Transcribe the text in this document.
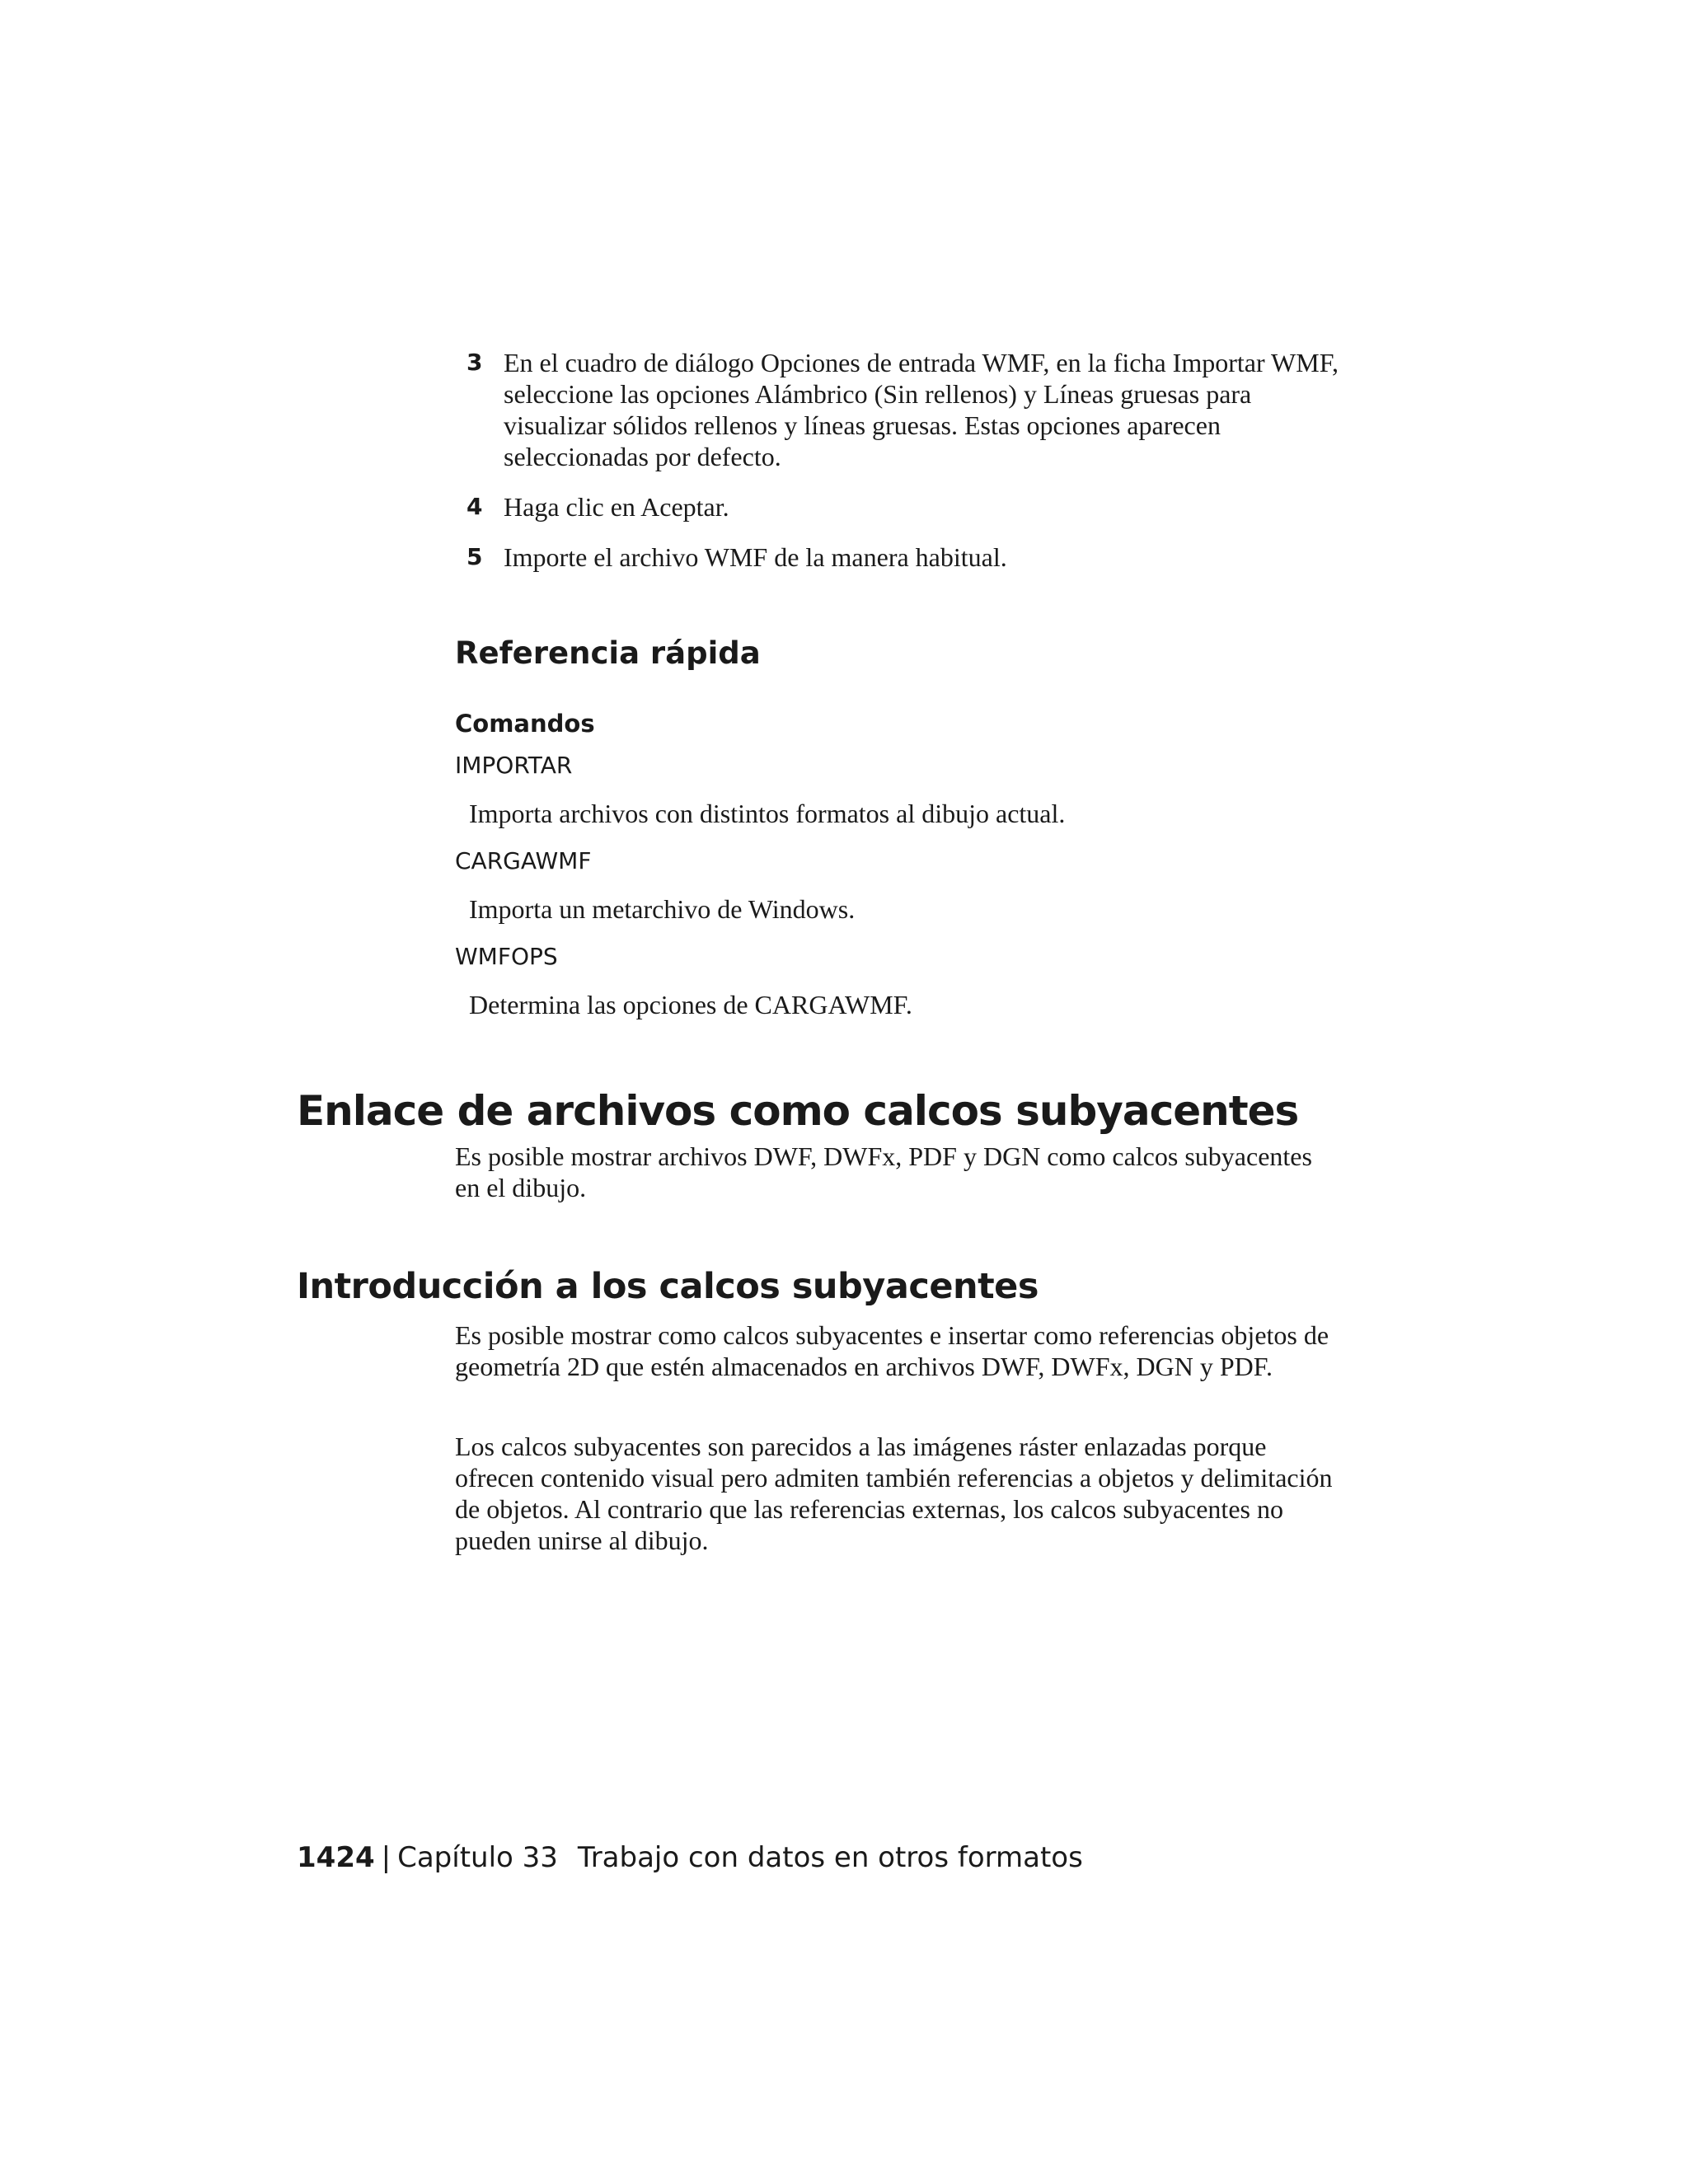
3 En el cuadro de diálogo Opciones de entrada WMF, en la ficha Importar WMF, seleccione las opciones Alámbrico (Sin rellenos) y Líneas gruesas para visualizar sólidos rellenos y líneas gruesas. Estas opciones aparecen seleccionadas por defecto.
4 Haga clic en Aceptar.
5 Importe el archivo WMF de la manera habitual.
Referencia rápida
Comandos

IMPORTAR

Importa archivos con distintos formatos al dibujo actual.

CARGAWMF

Importa un metarchivo de Windows.

WMFOPS

Determina las opciones de CARGAWMF.

Enlace de archivos como calcos subyacentes

Es posible mostrar archivos DWF, DWFx, PDF y DGN como calcos subyacentes en el dibujo.

Introducción a los calcos subyacentes

Es posible mostrar como calcos subyacentes e insertar como referencias objetos de geometría 2D que estén almacenados en archivos DWF, DWFx, DGN y PDF.

Los calcos subyacentes son parecidos a las imágenes ráster enlazadas porque ofrecen contenido visual pero admiten también referencias a objetos y delimitación de objetos. Al contrario que las referencias externas, los calcos subyacentes no pueden unirse al dibujo.

1424 | Capítulo 33 Trabajo con datos en otros formatos
